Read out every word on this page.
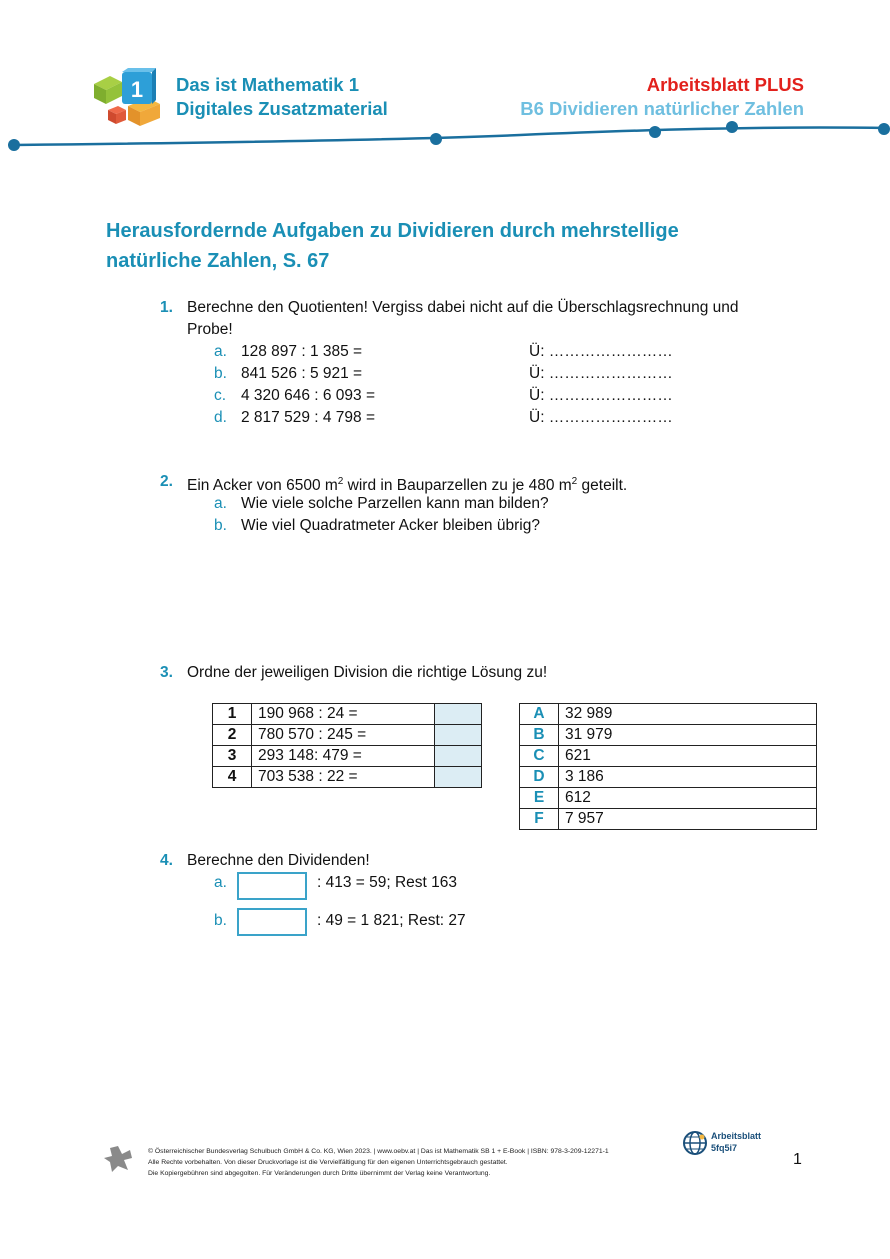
1 Das ist Mathematik 1
Digitales Zusatzmaterial
Arbeitsblatt PLUS
B6 Dividieren natürlicher Zahlen
Herausfordernde Aufgaben zu Dividieren durch mehrstellige
natürliche Zahlen, S. 67
1. Berechne den Quotienten! Vergiss dabei nicht auf die Überschlagsrechnung und
Probe!
a. 128 897 : 1 385 =	Ü: ……………………
b. 841 526 : 5 921 =	Ü: ……………………
c. 4 320 646 : 6 093 =	Ü: ……………………
d. 2 817 529 : 4 798 =	Ü: ……………………
2. Ein Acker von 6500 $m^2$ wird in Bauparzellen zu je 480 $m^2$ geteilt.
a. Wie viele solche Parzellen kann man bilden?
b. Wie viel Quadratmeter Acker bleiben übrig?
3. Ordne der jeweiligen Division die richtige Lösung zu!
1	190 968 : 24 =	
2	780 570 : 245 =	
3	293 148: 479 =	
4	703 538 : 22 =	
A	32 989
B	31 979
C	621
D	3 186
E	612
F	7 957
4. Berechne den Dividenden!
a.	: 413 = 59; Rest 163
b.	: 49 = 1 821; Rest: 27
© Österreichischer Bundesverlag Schulbuch GmbH & Co. KG, Wien 2023. | www.oebv.at | Das ist Mathematik SB 1 + E-Book | ISBN: 978-3-209-12271-1
Alle Rechte vorbehalten. Von dieser Druckvorlage ist die Vervielfältigung für den eigenen Unterrichtsgebrauch gestattet.
Die Kopiergebühren sind abgegolten. Für Veränderungen durch Dritte übernimmt der Verlag keine Verantwortung.
Arbeitsblatt
5fq5i7
1
